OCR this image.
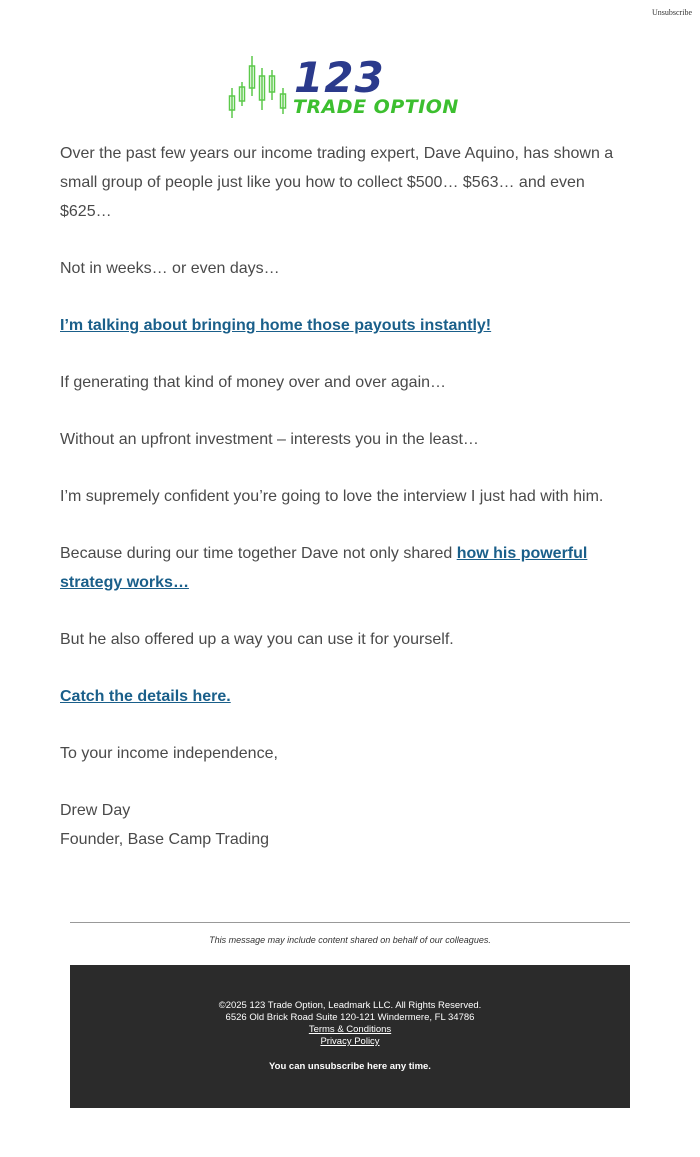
Unsubscribe
123
TRADE OPTION

Over the past few years our income trading expert, Dave Aquino, has shown a small group of people just like you how to collect $500… $563… and even $625…

Not in weeks… or even days…

I’m talking about bringing home those payouts instantly!

If generating that kind of money over and over again…

Without an upfront investment – interests you in the least…

I’m supremely confident you’re going to love the interview I just had with him.

Because during our time together Dave not only shared how his powerful strategy works…

But he also offered up a way you can use it for yourself.

Catch the details here.

To your income independence,

Drew Day
Founder, Base Camp Trading

This message may include content shared on behalf of our colleagues.
©2025 123 Trade Option, Leadmark LLC. All Rights Reserved.
6526 Old Brick Road Suite 120-121 Windermere, FL 34786
Terms & Conditions
Privacy Policy
You can unsubscribe here any time.
